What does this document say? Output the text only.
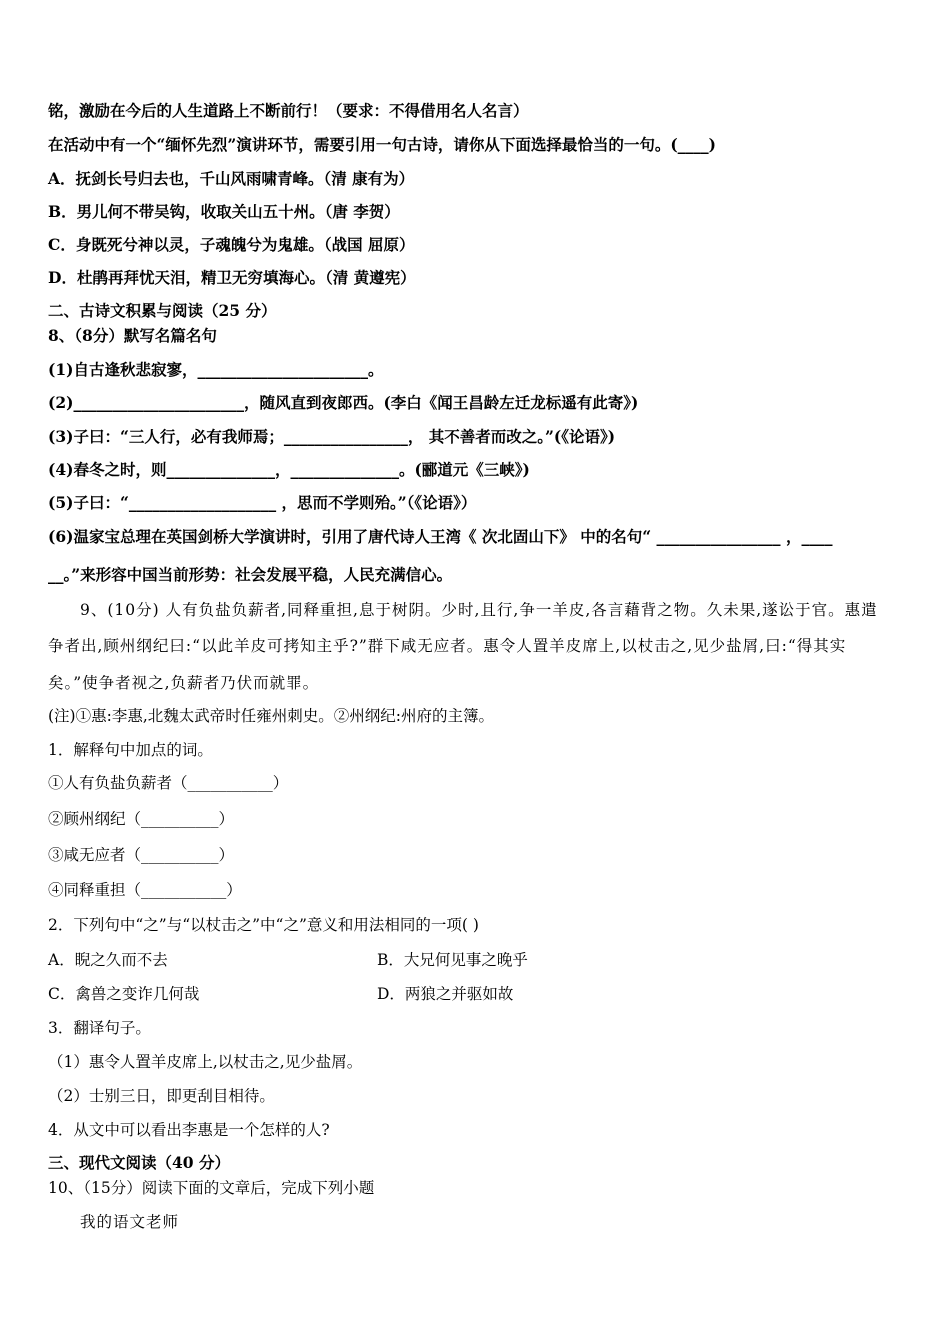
铭，激励在今后的人生道路上不断前行！（要求：不得借用名人名言）
在活动中有一个“缅怀先烈”演讲环节，需要引用一句古诗，请你从下面选择最恰当的一句。(____)
A．抚剑长号归去也，千山风雨啸青峰。（清 康有为）
B．男儿何不带吴钩，收取关山五十州。（唐 李贺）
C．身既死兮神以灵，子魂魄兮为鬼雄。（战国 屈原）
D．杜鹃再拜忧天泪，精卫无穷填海心。（清 黄遵宪）
二、古诗文积累与阅读（25 分）
8、（8分）默写名篇名句
(1)自古逢秋悲寂寥，______________________。
(2)______________________，随风直到夜郎西。(李白《闻王昌龄左迁龙标遥有此寄》)
(3)子曰：“三人行，必有我师焉；________________， 其不善者而改之。”(《论语》)
(4)春冬之时，则______________，______________。(郦道元《三峡》)
(5)子曰：“___________________ ，思而不学则殆。”（《论语》）
(6)温家宝总理在英国剑桥大学演讲时，引用了唐代诗人王湾《 次北固山下》 中的名句“ ________________ ，____
__。”来形容中国当前形势：社会发展平稳，人民充满信心。
9、(10分) 人有负盐负薪者,同释重担,息于树阴。少时,且行,争一羊皮,各言藉背之物。久未果,遂讼于官。惠遣
争者出,顾州纲纪曰:“以此羊皮可拷知主乎?”群下咸无应者。惠令人置羊皮席上,以杖击之,见少盐屑,曰:“得其实
矣。”使争者视之,负薪者乃伏而就罪。
(注)①惠:李惠,北魏太武帝时任雍州刺史。②州纲纪:州府的主簿。
1．解释句中加点的词。
①人有负盐负薪者（___________）
②顾州纲纪（__________）
③咸无应者（__________）
④同释重担（___________）
2．下列句中“之”与“以杖击之”中“之”意义和用法相同的一项( )
A．睨之久而不去	B．大兄何见事之晚乎
C．禽兽之变诈几何哉	D．两狼之并驱如故
3．翻译句子。
（1）惠令人置羊皮席上,以杖击之,见少盐屑。
（2）士别三日，即更刮目相待。
4．从文中可以看出李惠是一个怎样的人?
三、现代文阅读（40 分）
10、（15分）阅读下面的文章后，完成下列小题
我的语文老师
